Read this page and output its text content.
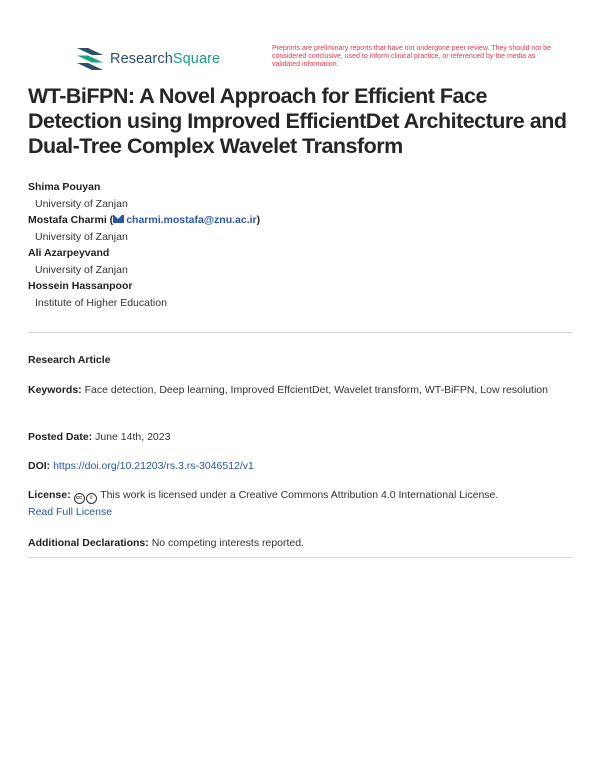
ResearchSquare
Preprints are preliminary reports that have not undergone peer review. They should not be considered conclusive, used to inform clinical practice, or referenced by the media as validated information.
WT-BiFPN: A Novel Approach for Efficient Face Detection using Improved EfficientDet Architecture and Dual-Tree Complex Wavelet Transform
Shima Pouyan
University of Zanjan
Mostafa Charmi ( charmi.mostafa@znu.ac.ir)
University of Zanjan
Ali Azarpeyvand
University of Zanjan
Hossein Hassanpoor
Institute of Higher Education
Research Article
Keywords: Face detection, Deep learning, Improved EffcientDet, Wavelet transform, WT-BiFPN, Low resolution
Posted Date: June 14th, 2023
DOI: https://doi.org/10.21203/rs.3.rs-3046512/v1
License: cc i This work is licensed under a Creative Commons Attribution 4.0 International License.
Read Full License
Additional Declarations: No competing interests reported.
